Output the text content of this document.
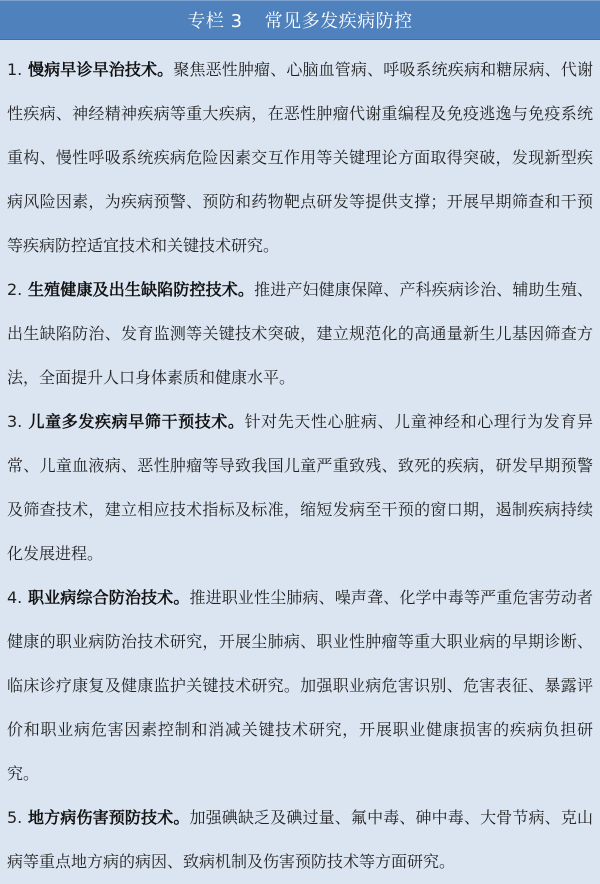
专栏 3 常见多发疾病防控

1. 慢病早诊早治技术。聚焦恶性肿瘤、心脑血管病、呼吸系统疾病和糖尿病、代谢性疾病、神经精神疾病等重大疾病，在恶性肿瘤代谢重编程及免疫逃逸与免疫系统重构、慢性呼吸系统疾病危险因素交互作用等关键理论方面取得突破，发现新型疾病风险因素，为疾病预警、预防和药物靶点研发等提供支撑；开展早期筛查和干预等疾病防控适宜技术和关键技术研究。

2. 生殖健康及出生缺陷防控技术。推进产妇健康保障、产科疾病诊治、辅助生殖、出生缺陷防治、发育监测等关键技术突破，建立规范化的高通量新生儿基因筛查方法，全面提升人口身体素质和健康水平。

3. 儿童多发疾病早筛干预技术。针对先天性心脏病、儿童神经和心理行为发育异常、儿童血液病、恶性肿瘤等导致我国儿童严重致残、致死的疾病，研发早期预警及筛查技术，建立相应技术指标及标准，缩短发病至干预的窗口期，遏制疾病持续化发展进程。

4. 职业病综合防治技术。推进职业性尘肺病、噪声聋、化学中毒等严重危害劳动者健康的职业病防治技术研究，开展尘肺病、职业性肿瘤等重大职业病的早期诊断、临床诊疗康复及健康监护关键技术研究。加强职业病危害识别、危害表征、暴露评价和职业病危害因素控制和消减关键技术研究，开展职业健康损害的疾病负担研究。

5. 地方病伤害预防技术。加强碘缺乏及碘过量、氟中毒、砷中毒、大骨节病、克山病等重点地方病的病因、致病机制及伤害预防技术等方面研究。
